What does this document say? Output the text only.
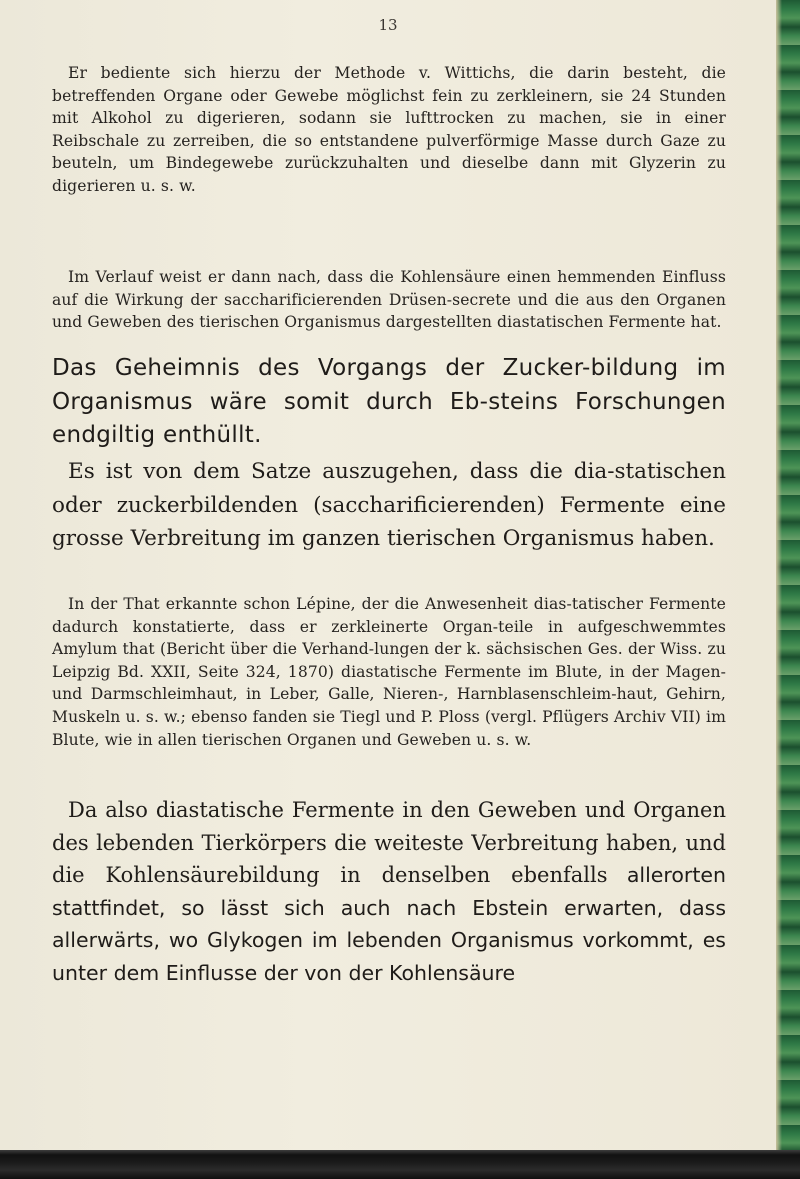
13

Er bediente sich hierzu der Methode v. Wittichs, die darin besteht, die betreffenden Organe oder Gewebe möglichst fein zu zerkleinern, sie 24 Stunden mit Alkohol zu digerieren, sodann sie lufttrocken zu machen, sie in einer Reibschale zu zerreiben, die so entstandene pulverförmige Masse durch Gaze zu beuteln, um Bindegewebe zurückzuhalten und dieselbe dann mit Glyzerin zu digerieren u. s. w.

Im Verlauf weist er dann nach, dass die Kohlensäure einen hemmenden Einfluss auf die Wirkung der saccharificierenden Drüsen-secrete und die aus den Organen und Geweben des tierischen Organismus dargestellten diastatischen Fermente hat.

Das Geheimnis des Vorgangs der Zucker-bildung im Organismus wäre somit durch Eb-steins Forschungen endgiltig enthüllt.

Es ist von dem Satze auszugehen, dass die dia-statischen oder zuckerbildenden (saccharificierenden) Fermente eine grosse Verbreitung im ganzen tierischen Organismus haben.

In der That erkannte schon Lépine, der die Anwesenheit dias-tatischer Fermente dadurch konstatierte, dass er zerkleinerte Organ-teile in aufgeschwemmtes Amylum that (Bericht über die Verhand-lungen der k. sächsischen Ges. der Wiss. zu Leipzig Bd. XXII, Seite 324, 1870) diastatische Fermente im Blute, in der Magen- und Darmschleimhaut, in Leber, Galle, Nieren-, Harnblasenschleim-haut, Gehirn, Muskeln u. s. w.; ebenso fanden sie Tiegl und P. Ploss (vergl. Pflügers Archiv VII) im Blute, wie in allen tierischen Organen und Geweben u. s. w.

Da also diastatische Fermente in den Geweben und Organen des lebenden Tierkörpers die weiteste Verbreitung haben, und die Kohlensäurebildung in denselben ebenfalls allerorten stattfindet, so lässt sich auch nach Ebstein erwarten, dass allerwärts, wo Glykogen im lebenden Organismus vorkommt, es unter dem Einflusse der von der Kohlensäure
